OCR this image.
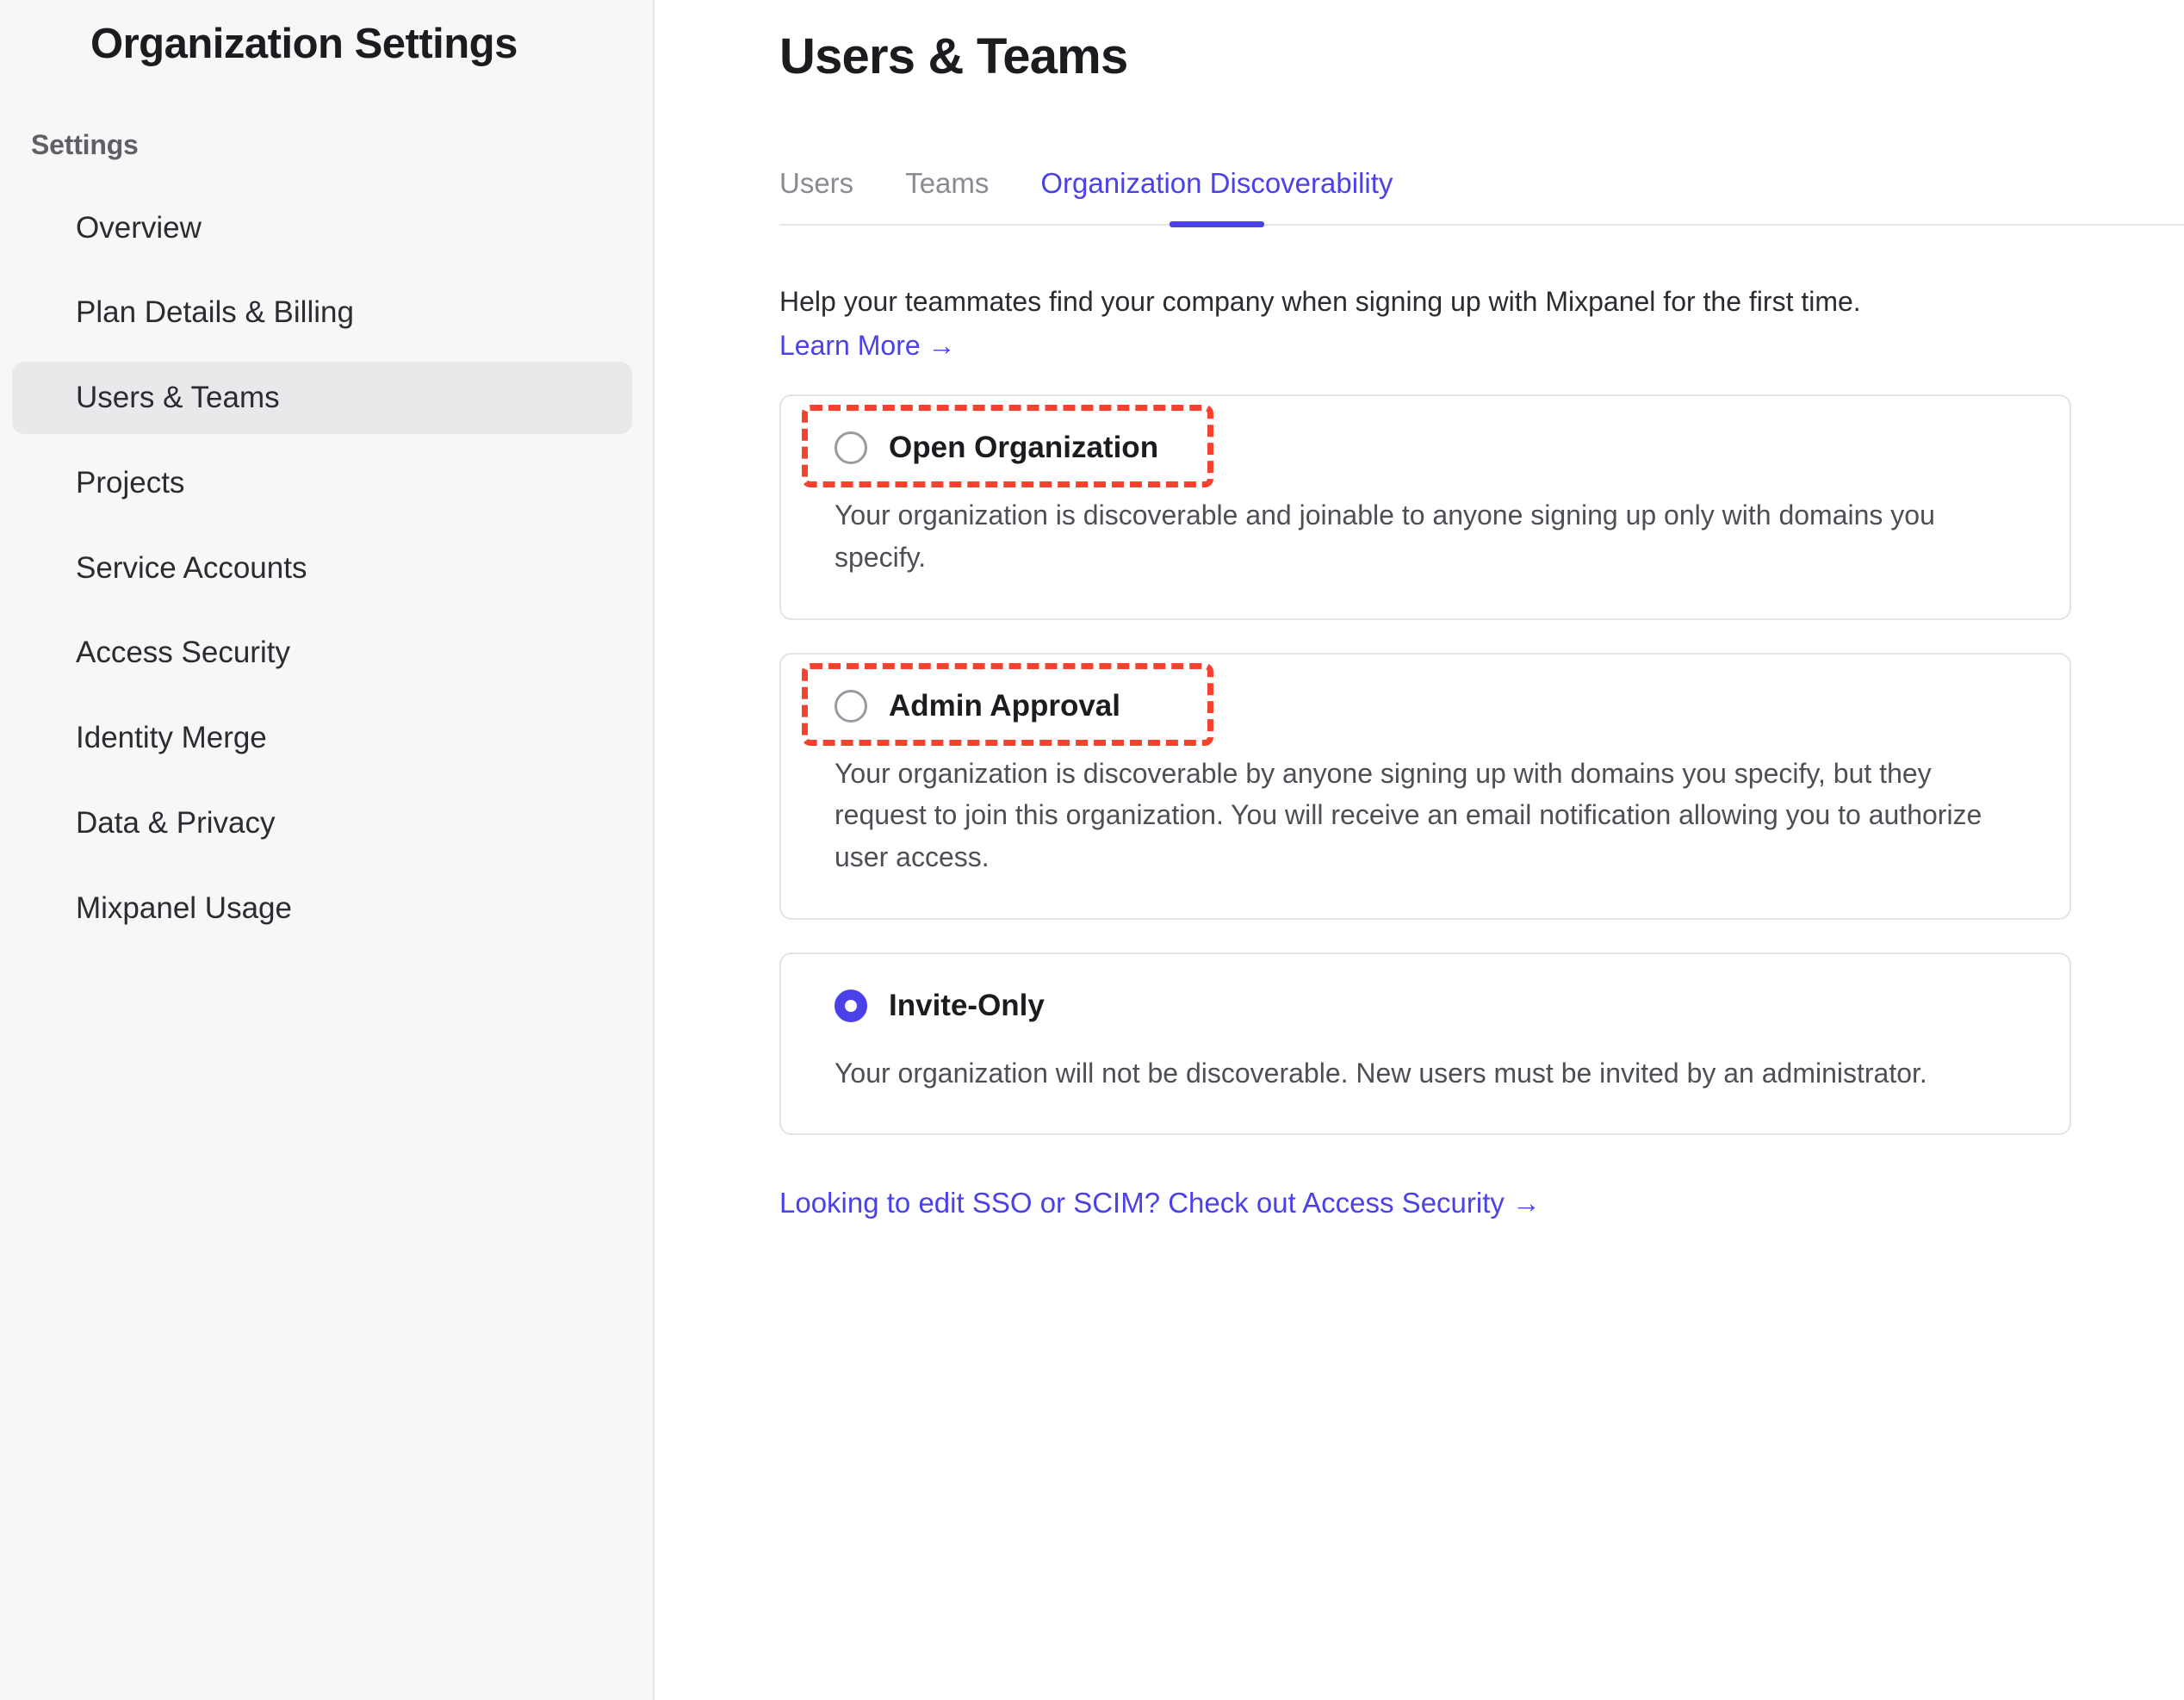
Organization Settings
Settings
Overview
Plan Details & Billing
Users & Teams
Projects
Service Accounts
Access Security
Identity Merge
Data & Privacy
Mixpanel Usage
Users & Teams
Users Teams Organization Discoverability
Help your teammates find your company when signing up with Mixpanel for the first time.
Learn More →
Open Organization
Your organization is discoverable and joinable to anyone signing up only with domains you specify.
Admin Approval
Your organization is discoverable by anyone signing up with domains you specify, but they request to join this organization. You will receive an email notification allowing you to authorize user access.
Invite-Only
Your organization will not be discoverable. New users must be invited by an administrator.
Looking to edit SSO or SCIM? Check out Access Security →
